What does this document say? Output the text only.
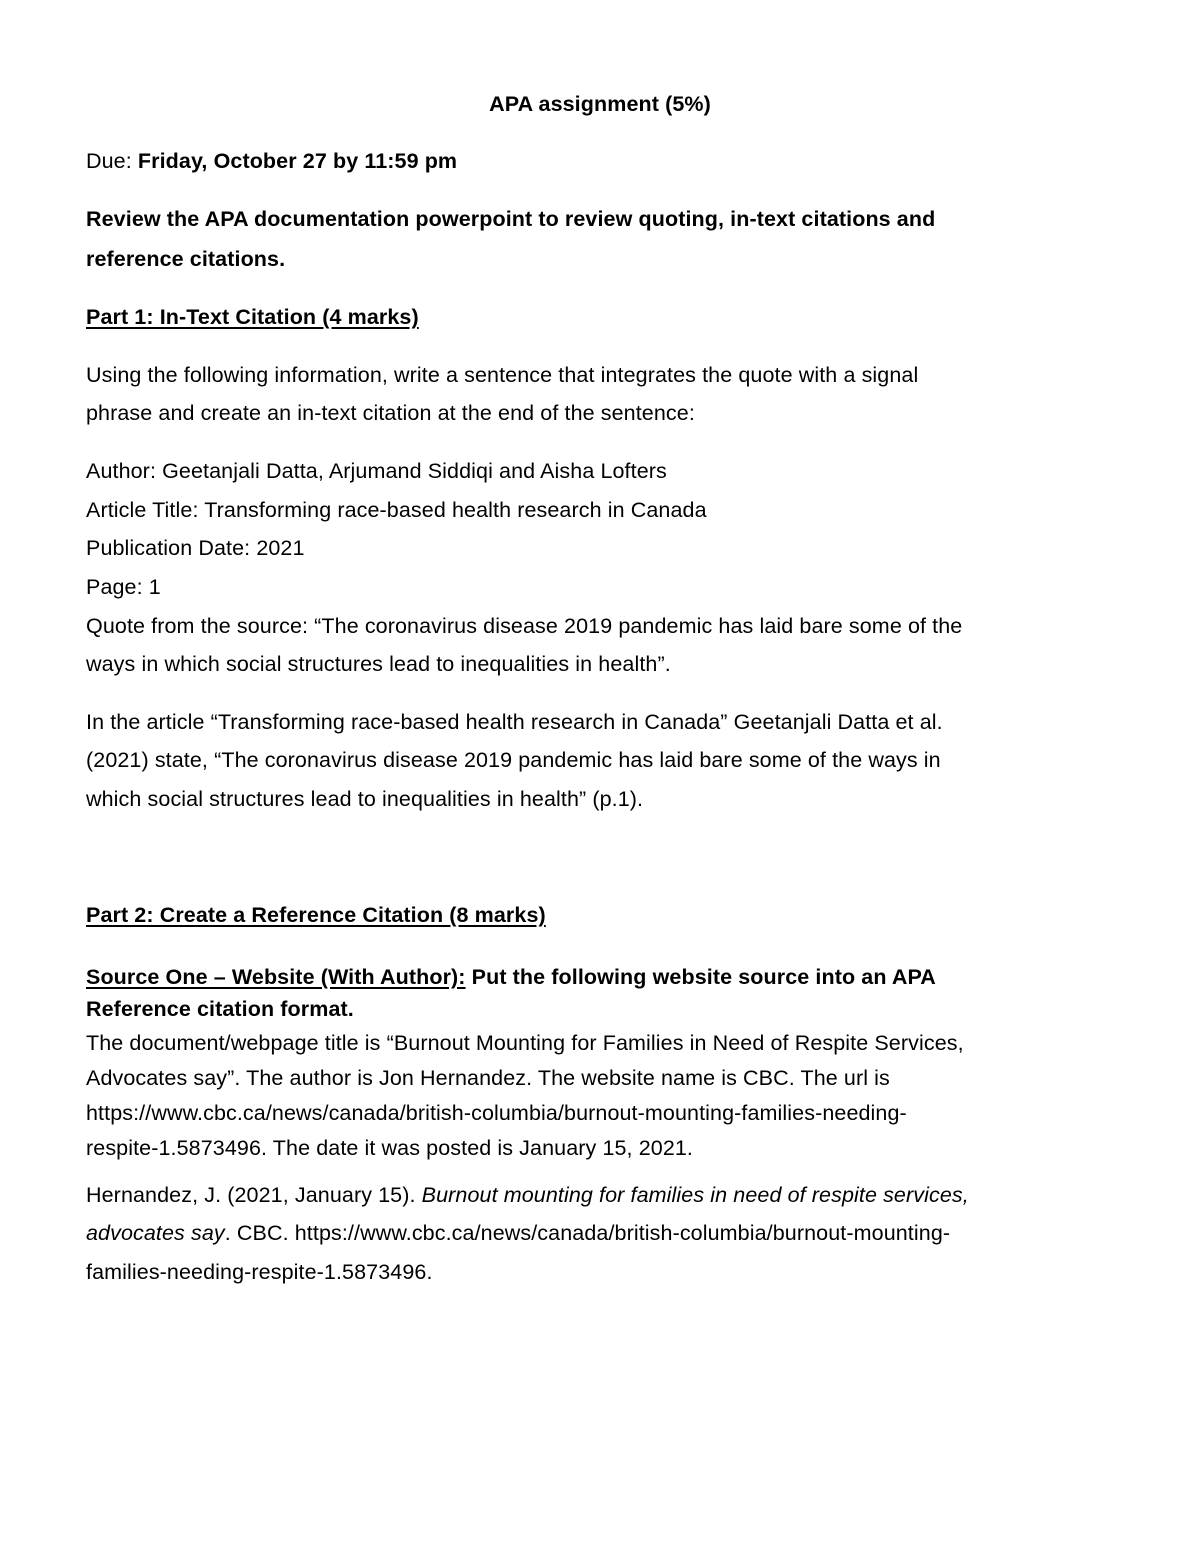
APA assignment (5%)
Due: Friday, October 27 by 11:59 pm
Review the APA documentation powerpoint to review quoting, in-text citations and
reference citations.
Part 1: In-Text Citation (4 marks)
Using the following information, write a sentence that integrates the quote with a signal
phrase and create an in-text citation at the end of the sentence:
Author: Geetanjali Datta, Arjumand Siddiqi and Aisha Lofters
Article Title: Transforming race-based health research in Canada
Publication Date: 2021
Page: 1
Quote from the source: “The coronavirus disease 2019 pandemic has laid bare some of the
ways in which social structures lead to inequalities in health”.
In the article “Transforming race-based health research in Canada” Geetanjali Datta et al.
(2021) state, “The coronavirus disease 2019 pandemic has laid bare some of the ways in
which social structures lead to inequalities in health” (p.1).
Part 2: Create a Reference Citation (8 marks)
Source One – Website (With Author): Put the following website source into an APA
Reference citation format.
The document/webpage title is “Burnout Mounting for Families in Need of Respite Services,
Advocates say”. The author is Jon Hernandez. The website name is CBC. The url is
https://www.cbc.ca/news/canada/british-columbia/burnout-mounting-families-needing-
respite-1.5873496. The date it was posted is January 15, 2021.
Hernandez, J. (2021, January 15). Burnout mounting for families in need of respite services,
advocates say. CBC. https://www.cbc.ca/news/canada/british-columbia/burnout-mounting-
families-needing-respite-1.5873496.
